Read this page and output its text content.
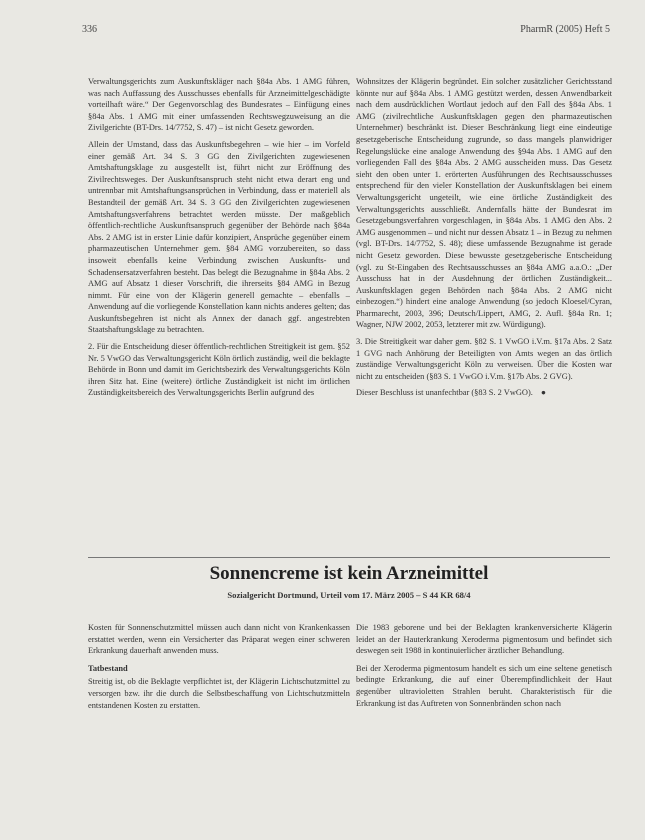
336	PharmR (2005) Heft 5

Verwaltungsgerichts zum Auskunftskläger nach §84a Abs. 1 AMG führen, was nach Auffassung des Ausschusses ebenfalls für Arzneimittelgeschädigte vorteilhaft wäre.“ Der Gegenvorschlag des Bundesrates – Einfügung eines §84a Abs. 1 AMG mit einer umfassenden Rechtswegzuweisung an die Zivilgerichte (BT-Drs. 14/7752, S. 47) – ist nicht Gesetz geworden.

Allein der Umstand, dass das Auskunftsbegehren – wie hier – im Vorfeld einer gemäß Art. 34 S. 3 GG den Zivilgerichten zugewiesenen Amtshaftungsklage zu ausgestellt ist, führt nicht zur Eröffnung des Zivilrechtsweges. Der Auskunftsanspruch steht nicht etwa derart eng und untrennbar mit Amtshaftungsansprüchen in Verbindung, dass er materiell als Bestandteil der gemäß Art. 34 S. 3 GG den Zivilgerichten zugewiesenen Amtshaftungsverfahrens betrachtet werden müsste. Der maßgeblich öffentlich-rechtliche Auskunftsanspruch gegenüber der Behörde nach §84a Abs. 2 AMG ist in erster Linie dafür konzipiert, Ansprüche gegenüber einem pharmazeutischen Unternehmer gem. §84 AMG vorzubereiten, so dass insoweit ebenfalls keine Verbindung zwischen Auskunfts- und Schadensersatzverfahren besteht. Das belegt die Bezugnahme in §84a Abs. 2 AMG auf Absatz 1 dieser Vorschrift, die ihrerseits §84 AMG in Bezug nimmt. Für eine von der Klägerin generell gemachte – ebenfalls – Anwendung auf die vorliegende Konstellation kann nichts anderes gelten; das Auskunftsbegehren ist nicht als Annex der danach ggf. angestrebten Staatshaftungsklage zu betrachten.

2. Für die Entscheidung dieser öffentlich-rechtlichen Streitigkeit ist gem. §52 Nr. 5 VwGO das Verwaltungsgericht Köln örtlich zuständig, weil die beklagte Behörde in Bonn und damit im Gerichtsbezirk des Verwaltungsgerichts Köln ihren Sitz hat. Eine (weitere) örtliche Zuständigkeit ist nicht im örtlichen Zuständigkeitsbereich des Verwaltungsgerichts Berlin aufgrund des

Wohnsitzes der Klägerin begründet. Ein solcher zusätzlicher Gerichtsstand könnte nur auf §84a Abs. 1 AMG gestützt werden, dessen Anwendbarkeit nach dem ausdrücklichen Wortlaut jedoch auf den Fall des §84a Abs. 1 AMG (zivilrechtliche Auskunftsklagen gegen den pharmazeutischen Unternehmer) beschränkt ist. Dieser Beschränkung liegt eine eindeutige gesetzgeberische Entscheidung zugrunde, so dass mangels planwidriger Regelungslücke eine analoge Anwendung des §94a Abs. 1 AMG auf den vorliegenden Fall des §84a Abs. 2 AMG ausscheiden muss. Das Gesetz sieht den oben unter 1. erörterten Ausführungen des Rechtsausschusses entsprechend für den vieler Konstellation der Auskunftsklagen bei einem Verwaltungsgericht ungeteilt, wie eine örtliche Zuständigkeit des Verwaltungsgerichts ausschließt. Andernfalls hätte der Bundesrat im Gesetzgebungsverfahren vorgeschlagen, in §84a Abs. 1 AMG den Abs. 2 AMG ausgenommen – und nicht nur dessen Absatz 1 – in Bezug zu nehmen (vgl. BT-Drs. 14/7752, S. 48); diese umfassende Bezugnahme ist gerade nicht Gesetz geworden. Diese bewusste gesetzgeberische Entscheidung (vgl. zu St-Eingaben des Rechtsausschusses an §84a AMG a.a.O.: „Der Ausschuss hat in der Ausdehnung der örtlichen Zuständigkeit... Auskunftsklagen gegen Behörden nach §84a Abs. 2 AMG nicht einbezogen.“) hindert eine analoge Anwendung (so jedoch Kloesel/Cyran, Pharmarecht, 2003, 396; Deutsch/Lippert, AMG, 2. Aufl. §84a Rn. 1; Wagner, NJW 2002, 2053, letzterer mit zw. Würdigung).

3. Die Streitigkeit war daher gem. §82 S. 1 VwGO i.V.m. §17a Abs. 2 Satz 1 GVG nach Anhörung der Beteiligten von Amts wegen an das örtlich zuständige Verwaltungsgericht Köln zu verweisen. Über die Kosten war nicht zu entscheiden (§83 S. 1 VwGO i.V.m. §17b Abs. 2 GVG).

Dieser Beschluss ist unanfechtbar (§83 S. 2 VwGO). ●

Sonnencreme ist kein Arzneimittel
Sozialgericht Dortmund, Urteil vom 17. März 2005 – S 44 KR 68/4

Kosten für Sonnenschutzmittel müssen auch dann nicht von Krankenkassen erstattet werden, wenn ein Versicherter das Präparat wegen einer schweren Erkrankung dauerhaft anwenden muss.

Tatbestand

Streitig ist, ob die Beklagte verpflichtet ist, der Klägerin Lichtschutzmittel zu versorgen bzw. ihr die durch die Selbstbeschaffung von Lichtschutzmitteln entstandenen Kosten zu erstatten.

Die 1983 geborene und bei der Beklagten krankenversicherte Klägerin leidet an der Hauterkrankung Xeroderma pigmentosum und befindet sich deswegen seit 1988 in kontinuierlicher ärztlicher Behandlung.

Bei der Xeroderma pigmentosum handelt es sich um eine seltene genetisch bedingte Erkrankung, die auf einer Überempfindlichkeit der Haut gegenüber ultravioletten Strahlen beruht. Charakteristisch für die Erkrankung ist das Auftreten von Sonnenbränden schon nach
